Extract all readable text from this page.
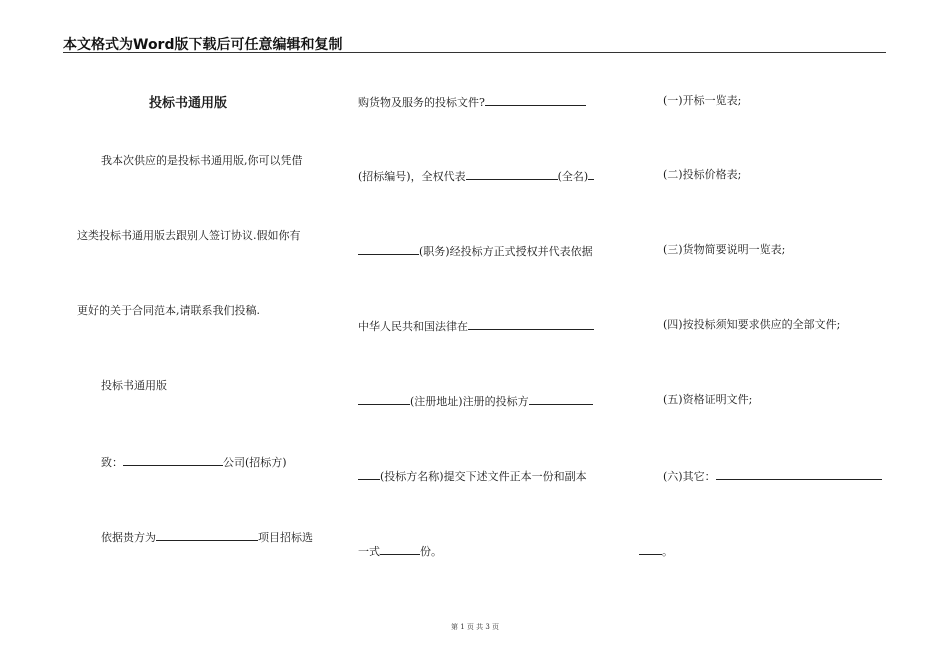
本文格式为Word版下载后可任意编辑和复制
投标书通用版
我本次供应的是投标书通用版,你可以凭借
这类投标书通用版去跟别人签订协议.假如你有
更好的关于合同范本,请联系我们投稿.
投标书通用版
致：	公司(招标方)
依据贵方为	项目招标选
购货物及服务的投标文件?
(招标编号)，全权代表	(全名)
(职务)经投标方正式授权并代表依据
中华人民共和国法律在
(注册地址)注册的投标方
(投标方名称)提交下述文件正本一份和副本
一式	份。
(一)开标一览表;
(二)投标价格表;
(三)货物简要说明一览表;
(四)按投标须知要求供应的全部文件;
(五)资格证明文件;
(六)其它：
。
第 1 页 共 3 页
